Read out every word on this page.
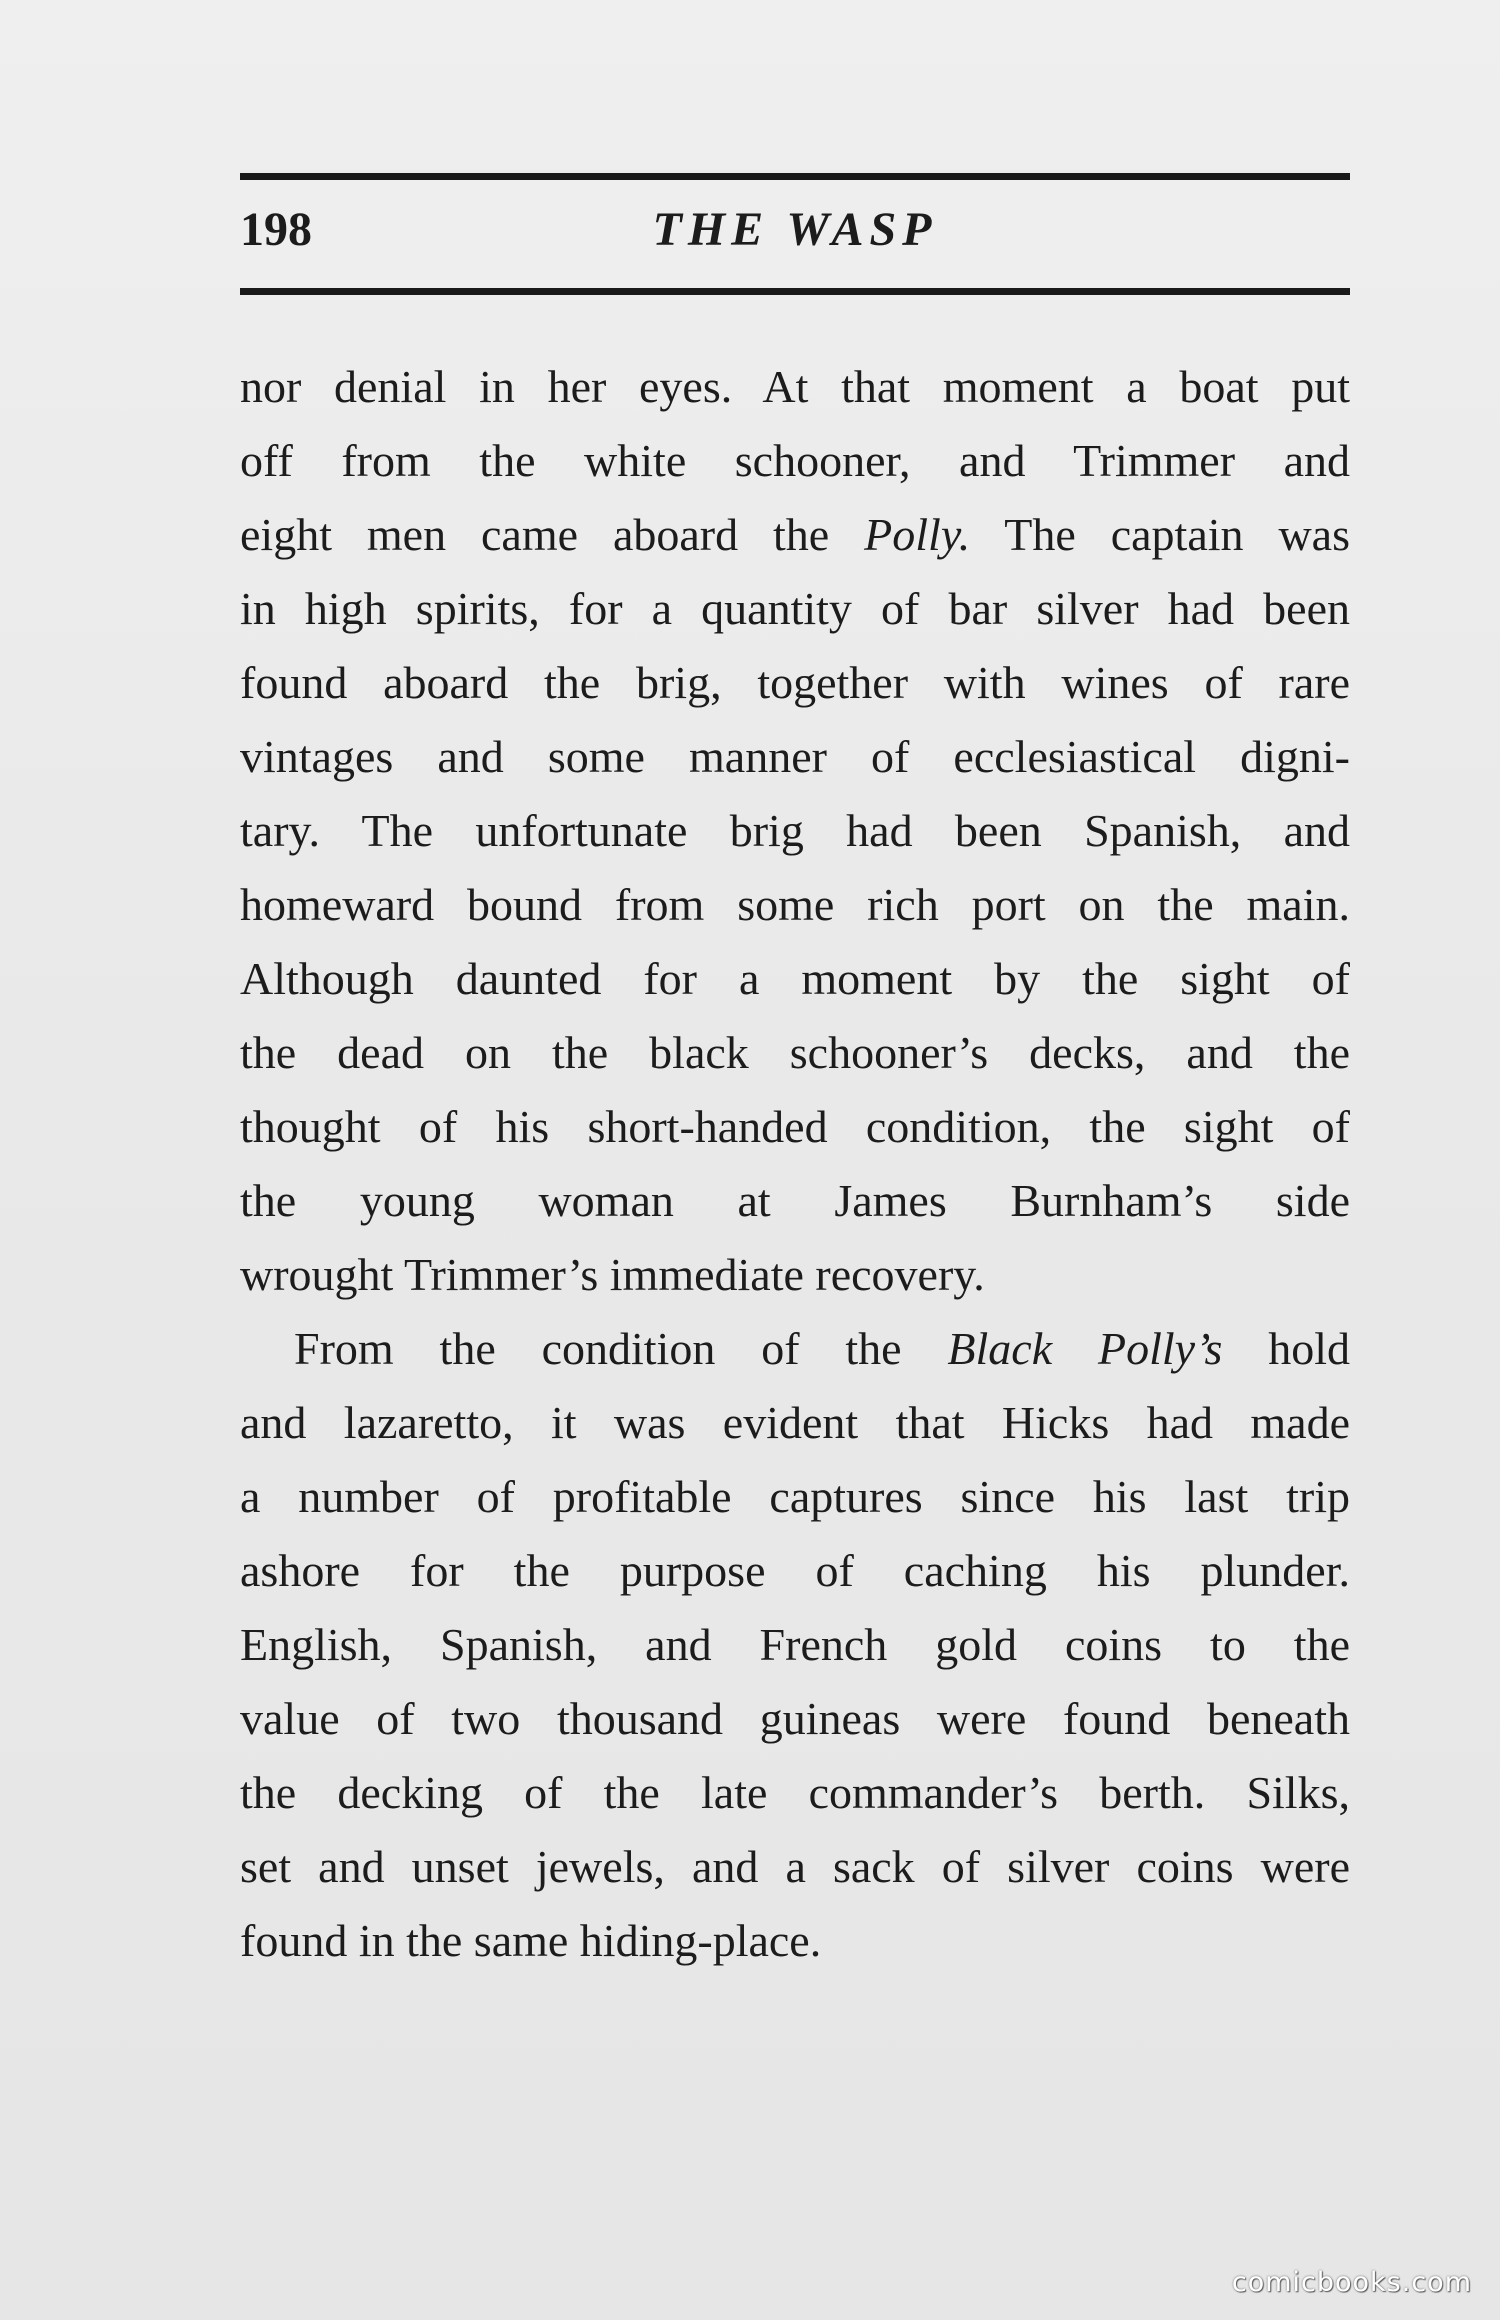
198	THE WASP
nor denial in her eyes. At that moment a boat put
off from the white schooner, and Trimmer and
eight men came aboard the Polly. The captain was
in high spirits, for a quantity of bar silver had been
found aboard the brig, together with wines of rare
vintages and some manner of ecclesiastical digni-
tary. The unfortunate brig had been Spanish, and
homeward bound from some rich port on the main.
Although daunted for a moment by the sight of
the dead on the black schooner’s decks, and the
thought of his short-handed condition, the sight of
the young woman at James Burnham’s side
wrought Trimmer’s immediate recovery.
From the condition of the Black Polly’s hold
and lazaretto, it was evident that Hicks had made
a number of profitable captures since his last trip
ashore for the purpose of caching his plunder.
English, Spanish, and French gold coins to the
value of two thousand guineas were found beneath
the decking of the late commander’s berth. Silks,
set and unset jewels, and a sack of silver coins were
found in the same hiding-place.
comicbooks.com
